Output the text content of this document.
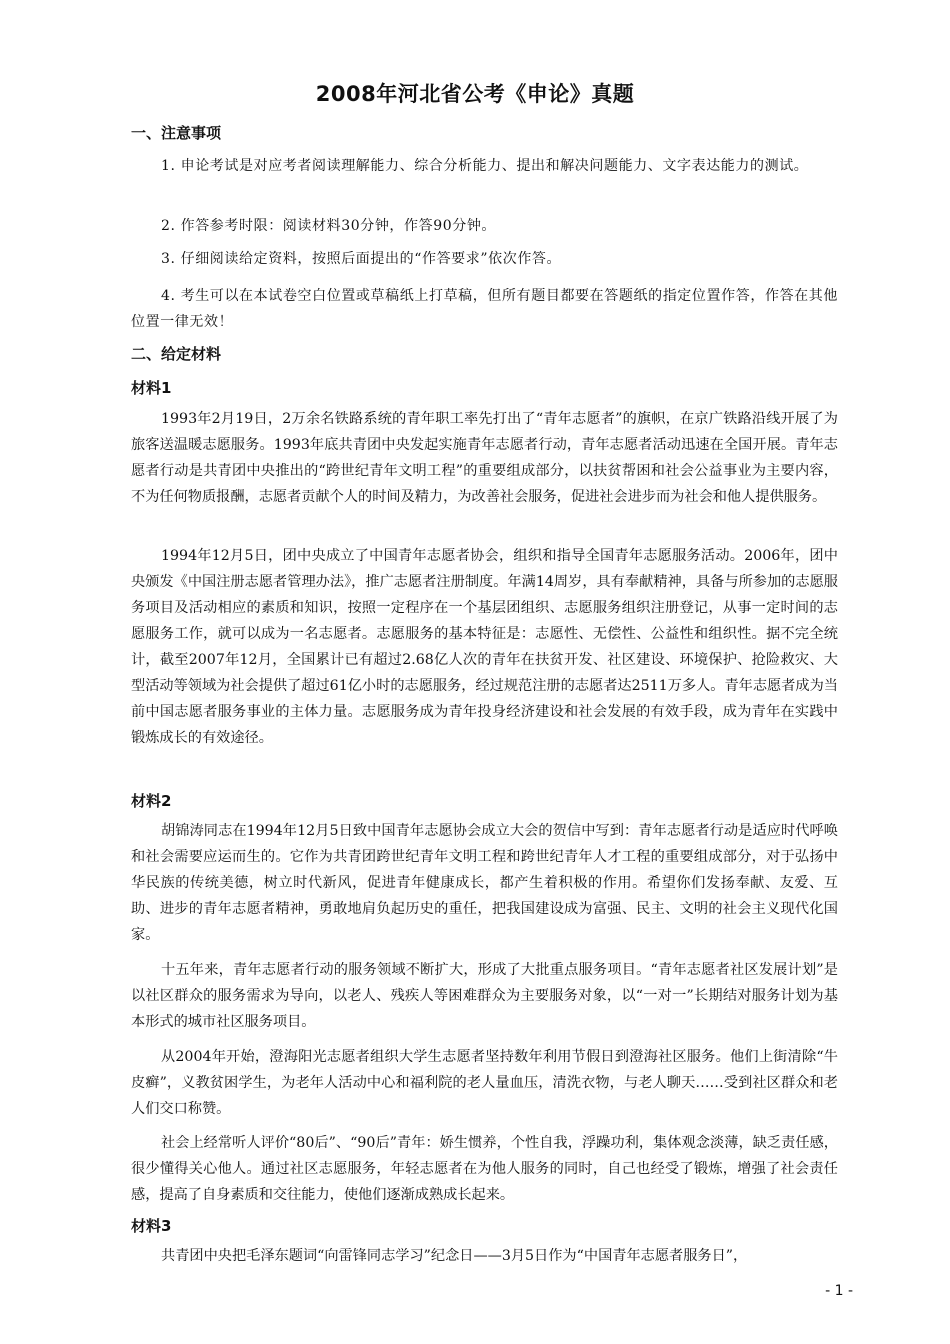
2008年河北省公考《申论》真题
一、注意事项
1. 申论考试是对应考者阅读理解能力、综合分析能力、提出和解决问题能力、文字表达能力的测试。
2. 作答参考时限：阅读材料30分钟，作答90分钟。
3. 仔细阅读给定资料，按照后面提出的“作答要求”依次作答。
4. 考生可以在本试卷空白位置或草稿纸上打草稿，但所有题目都要在答题纸的指定位置作答，作答在其他位置一律无效！
二、给定材料
材料1
1993年2月19日，2万余名铁路系统的青年职工率先打出了“青年志愿者”的旗帜，在京广铁路沿线开展了为旅客送温暖志愿服务。1993年底共青团中央发起实施青年志愿者行动，青年志愿者活动迅速在全国开展。青年志愿者行动是共青团中央推出的“跨世纪青年文明工程”的重要组成部分，以扶贫帮困和社会公益事业为主要内容，不为任何物质报酬，志愿者贡献个人的时间及精力，为改善社会服务，促进社会进步而为社会和他人提供服务。
1994年12月5日，团中央成立了中国青年志愿者协会，组织和指导全国青年志愿服务活动。2006年，团中央颁发《中国注册志愿者管理办法》，推广志愿者注册制度。年满14周岁，具有奉献精神，具备与所参加的志愿服务项目及活动相应的素质和知识，按照一定程序在一个基层团组织、志愿服务组织注册登记，从事一定时间的志愿服务工作，就可以成为一名志愿者。志愿服务的基本特征是：志愿性、无偿性、公益性和组织性。据不完全统计，截至2007年12月，全国累计已有超过2.68亿人次的青年在扶贫开发、社区建设、环境保护、抢险救灾、大型活动等领域为社会提供了超过61亿小时的志愿服务，经过规范注册的志愿者达2511万多人。青年志愿者成为当前中国志愿者服务事业的主体力量。志愿服务成为青年投身经济建设和社会发展的有效手段，成为青年在实践中锻炼成长的有效途径。
材料2
胡锦涛同志在1994年12月5日致中国青年志愿协会成立大会的贺信中写到：青年志愿者行动是适应时代呼唤和社会需要应运而生的。它作为共青团跨世纪青年文明工程和跨世纪青年人才工程的重要组成部分，对于弘扬中华民族的传统美德，树立时代新风，促进青年健康成长，都产生着积极的作用。希望你们发扬奉献、友爱、互助、进步的青年志愿者精神，勇敢地肩负起历史的重任，把我国建设成为富强、民主、文明的社会主义现代化国家。
十五年来，青年志愿者行动的服务领域不断扩大，形成了大批重点服务项目。“青年志愿者社区发展计划”是以社区群众的服务需求为导向，以老人、残疾人等困难群众为主要服务对象，以“一对一”长期结对服务计划为基本形式的城市社区服务项目。
从2004年开始，澄海阳光志愿者组织大学生志愿者坚持数年利用节假日到澄海社区服务。他们上街清除“牛皮癣”，义教贫困学生，为老年人活动中心和福利院的老人量血压，清洗衣物，与老人聊天……受到社区群众和老人们交口称赞。
社会上经常听人评价“80后”、“90后”青年：娇生惯养，个性自我，浮躁功利，集体观念淡薄，缺乏责任感，很少懂得关心他人。通过社区志愿服务，年轻志愿者在为他人服务的同时，自己也经受了锻炼，增强了社会责任感，提高了自身素质和交往能力，使他们逐渐成熟成长起来。
材料3
共青团中央把毛泽东题词“向雷锋同志学习”纪念日——3月5日作为“中国青年志愿者服务日”，
- 1 -
